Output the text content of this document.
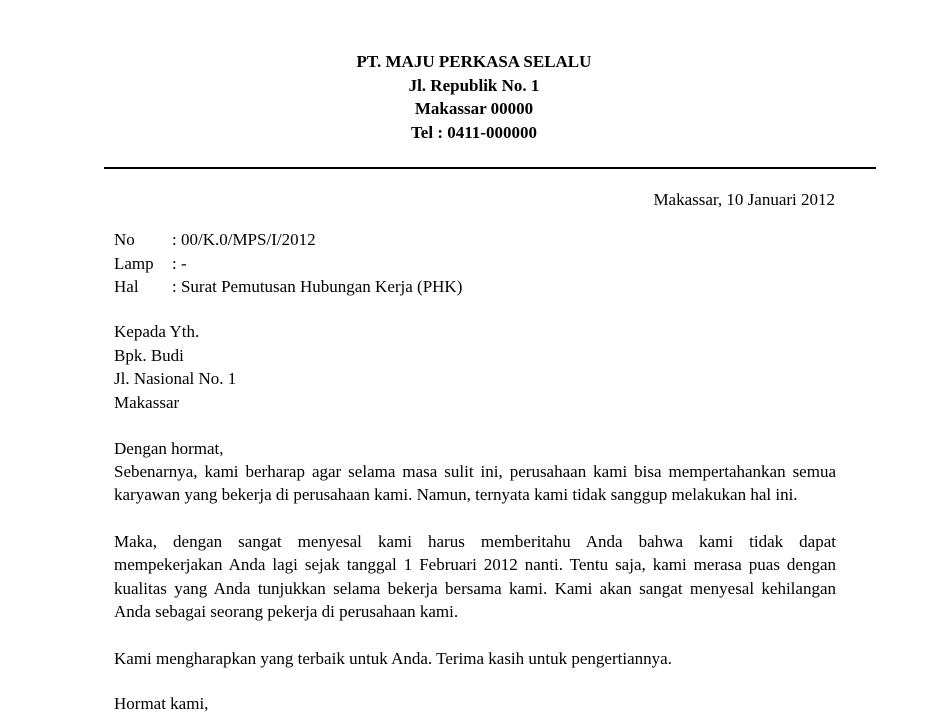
PT. MAJU PERKASA SELALU
Jl. Republik No. 1
Makassar 00000
Tel : 0411-000000
Makassar, 10 Januari 2012
No	: 00/K.0/MPS/I/2012
Lamp	: -
Hal	: Surat Pemutusan Hubungan Kerja (PHK)
Kepada Yth.
Bpk. Budi
Jl. Nasional No. 1
Makassar
Dengan hormat,
Sebenarnya, kami berharap agar selama masa sulit ini, perusahaan kami bisa mempertahankan semua
karyawan yang bekerja di perusahaan kami. Namun, ternyata kami tidak sanggup melakukan hal ini.
Maka, dengan sangat menyesal kami harus memberitahu Anda bahwa kami tidak dapat
mempekerjakan Anda lagi sejak tanggal 1 Februari 2012 nanti. Tentu saja, kami merasa puas dengan
kualitas yang Anda tunjukkan selama bekerja bersama kami. Kami akan sangat menyesal kehilangan
Anda sebagai seorang pekerja di perusahaan kami.
Kami mengharapkan yang terbaik untuk Anda. Terima kasih untuk pengertiannya.
Hormat kami,
